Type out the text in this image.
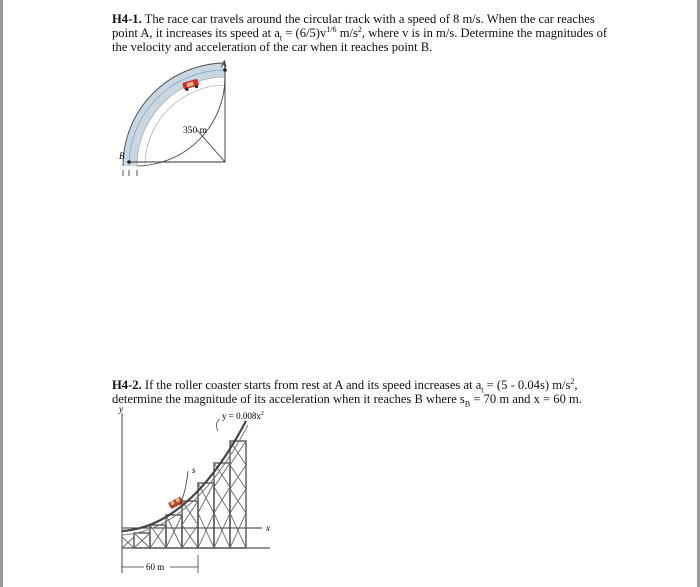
H4-1. The race car travels around the circular track with a speed of 8 m/s. When the car reaches point A, it increases its speed at $a_t = (6/5)v^{1/6}$ $m/s^2$, where v is in m/s. Determine the magnitudes of the velocity and acceleration of the car when it reaches point B.
A
B
350 m
H4-2. If the roller coaster starts from rest at A and its speed increases at $a_t = (5 - 0.04s)$ $m/s^2$, determine the magnitude of its acceleration when it reaches B where $s_B = 70$ m and x = 60 m.
y
x
s
$y = 0.008x^2$
60 m
